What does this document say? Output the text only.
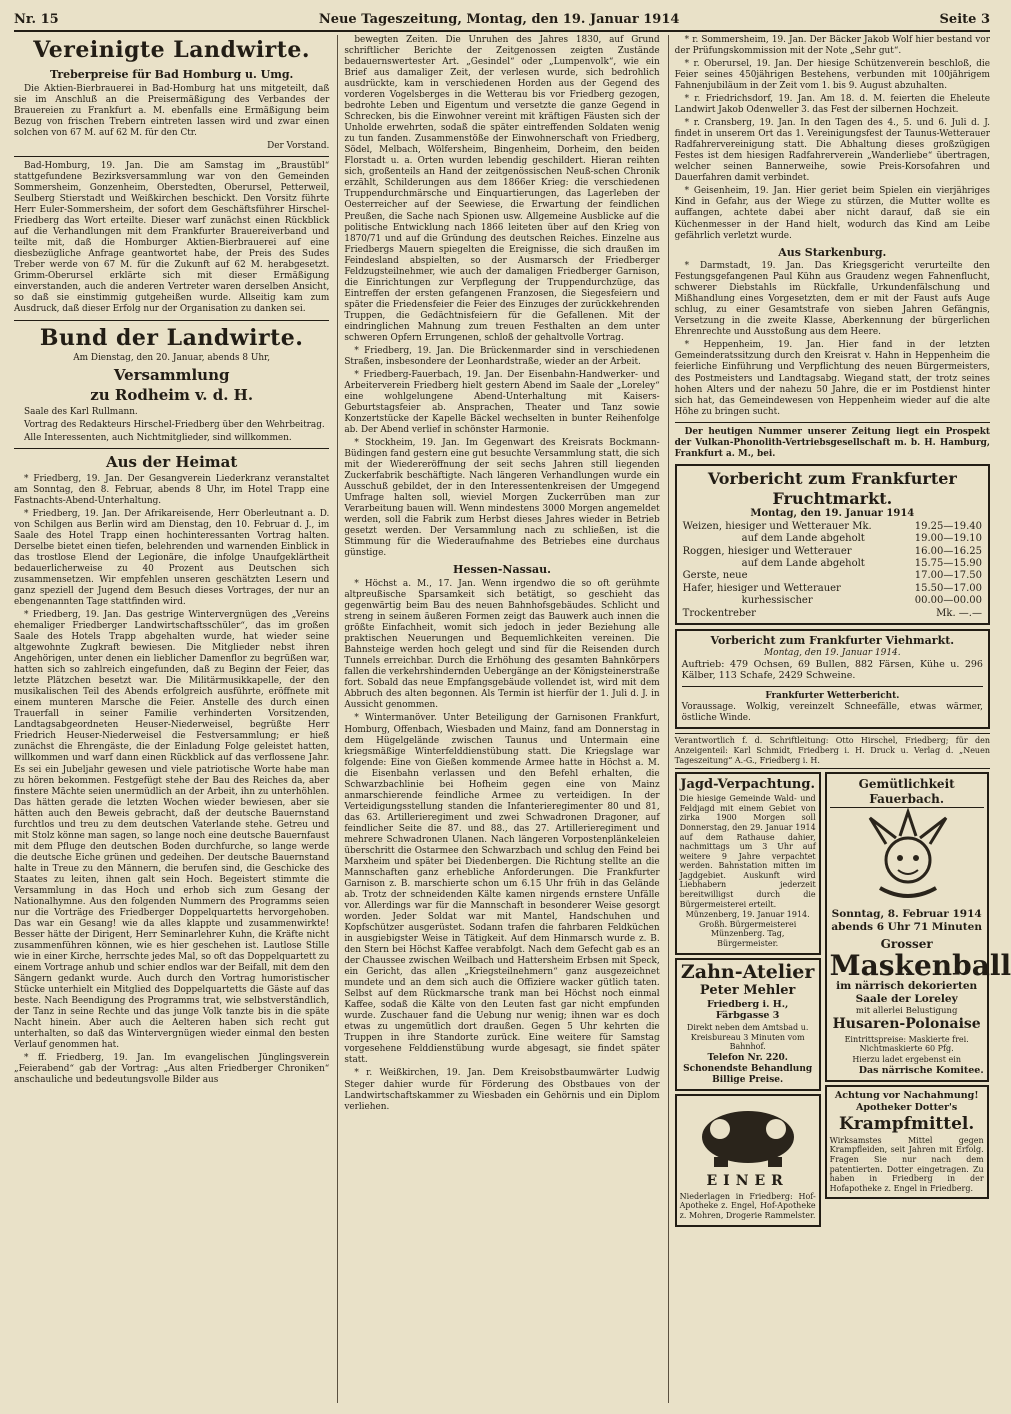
Nr. 15	Neue Tageszeitung, Montag, den 19. Januar 1914	Seite 3
Vereinigte Landwirte.
Treberpreise für Bad Homburg u. Umg.

Die Aktien-Bierbrauerei in Bad-Homburg hat uns mitgeteilt, daß sie im Anschluß an die Preisermäßigung des Verbandes der Brauereien zu Frankfurt a. M. ebenfalls eine Ermäßigung beim Bezug von frischen Trebern eintreten lassen wird und zwar einen solchen von 67 M. auf 62 M. für den Ctr.

Der Vorstand.

Bad-Homburg, 19. Jan. Die am Samstag im „Braustübl“ stattgefundene Bezirksversammlung war von den Gemeinden Sommersheim, Gonzenheim, Oberstedten, Oberursel, Petterweil, Seulberg Stierstadt und Weißkirchen beschickt. Den Vorsitz führte Herr Euler-Sommersheim, der sofort dem Geschäftsführer Hirschel-Friedberg das Wort erteilte. Dieser warf zunächst einen Rückblick auf die Verhandlungen mit dem Frankfurter Brauereiverband und teilte mit, daß die Homburger Aktien-Bierbrauerei auf eine diesbezügliche Anfrage geantwortet habe, der Preis des Sudes Treber werde von 67 M. für die Zukunft auf 62 M. herabgesetzt. Grimm-Oberursel erklärte sich mit dieser Ermäßigung einverstanden, auch die anderen Vertreter waren derselben Ansicht, so daß sie einstimmig gutgeheißen wurde. Allseitig kam zum Ausdruck, daß dieser Erfolg nur der Organisation zu danken sei.

Bund der Landwirte.
Am Dienstag, den 20. Januar, abends 8 Uhr,
Versammlung
zu Rodheim v. d. H.

Saale des Karl Rullmann.

Vortrag des Redakteurs Hirschel-Friedberg über den Wehrbeitrag.

Alle Interessenten, auch Nichtmitglieder, sind willkommen.

Aus der Heimat

* Friedberg, 19. Jan. Der Gesangverein Liederkranz veranstaltet am Sonntag, den 8. Februar, abends 8 Uhr, im Hotel Trapp eine Fastnachts-Abend-Unterhaltung.

* Friedberg, 19. Jan. Der Afrikareisende, Herr Oberleutnant a. D. von Schilgen aus Berlin wird am Dienstag, den 10. Februar d. J., im Saale des Hotel Trapp einen hochinteressanten Vortrag halten. Derselbe bietet einen tiefen, belehrenden und warnenden Einblick in das trostlose Elend der Legionäre, die infolge Unaufgeklärtheit bedauerlicherweise zu 40 Prozent aus Deutschen sich zusammensetzen. Wir empfehlen unseren geschätzten Lesern und ganz speziell der Jugend dem Besuch dieses Vortrages, der nur an ebengenannten Tage stattfinden wird.

* Friedberg, 19. Jan. Das gestrige Wintervergnügen des „Vereins ehemaliger Friedberger Landwirtschaftsschüler“, das im großen Saale des Hotels Trapp abgehalten wurde, hat wieder seine altgewohnte Zugkraft bewiesen. Die Mitglieder nebst ihren Angehörigen, unter denen ein lieblicher Damenflor zu begrüßen war, hatten sich so zahlreich eingefunden, daß zu Beginn der Feier, das letzte Plätzchen besetzt war. Die Militärmusikkapelle, der den musikalischen Teil des Abends erfolgreich ausführte, eröffnete mit einem munteren Marsche die Feier. Anstelle des durch einen Trauerfall in seiner Familie verhinderten Vorsitzenden, Landtagsabgeordneten Heuser-Niederweisel, begrüßte Herr Friedrich Heuser-Niederweisel die Festversammlung; er hieß zunächst die Ehrengäste, die der Einladung Folge geleistet hatten, willkommen und warf dann einen Rückblick auf das verflossene Jahr. Es sei ein Jubeljahr gewesen und viele patriotische Worte habe man zu hören bekommen. Festgefügt stehe der Bau des Reiches da, aber finstere Mächte seien unermüdlich an der Arbeit, ihn zu unterhöhlen. Das hätten gerade die letzten Wochen wieder bewiesen, aber sie hätten auch den Beweis gebracht, daß der deutsche Bauernstand furchtlos und treu zu dem deutschen Vaterlande stehe. Getreu und mit Stolz könne man sagen, so lange noch eine deutsche Bauernfaust mit dem Pfluge den deutschen Boden durchfurche, so lange werde die deutsche Eiche grünen und gedeihen. Der deutsche Bauernstand halte in Treue zu den Männern, die berufen sind, die Geschicke des Staates zu leiten, ihnen galt sein Hoch. Begeistert stimmte die Versammlung in das Hoch und erhob sich zum Gesang der Nationalhymne. Aus den folgenden Nummern des Programms seien nur die Vorträge des Friedberger Doppelquartetts hervorgehoben. Das war ein Gesang! wie da alles klappte und zusammenwirkte! Besser hätte der Dirigent, Herr Seminarlehrer Kuhn, die Kräfte nicht zusammenführen können, wie es hier geschehen ist. Lautlose Stille wie in einer Kirche, herrschte jedes Mal, so oft das Doppelquartett zu einem Vortrage anhub und schier endlos war der Beifall, mit dem den Sängern gedankt wurde. Auch durch den Vortrag humoristischer Stücke unterhielt ein Mitglied des Doppelquartetts die Gäste auf das beste. Nach Beendigung des Programms trat, wie selbstverständlich, der Tanz in seine Rechte und das junge Volk tanzte bis in die späte Nacht hinein. Aber auch die Aelteren haben sich recht gut unterhalten, so daß das Wintervergnügen wieder einmal den besten Verlauf genommen hat.

* ff. Friedberg, 19. Jan. Im evangelischen Jünglingsverein „Feierabend“ gab der Vortrag: „Aus alten Friedberger Chroniken“ anschauliche und bedeutungsvolle Bilder aus

bewegten Zeiten. Die Unruhen des Jahres 1830, auf Grund schriftlicher Berichte der Zeitgenossen zeigten Zustände bedauernswertester Art. „Gesindel“ oder „Lumpenvolk“, wie ein Brief aus damaliger Zeit, der verlesen wurde, sich bedrohlich ausdrückte, kam in verschiedenen Horden aus der Gegend des vorderen Vogelsberges in die Wetterau bis vor Friedberg gezogen, bedrohte Leben und Eigentum und versetzte die ganze Gegend in Schrecken, bis die Einwohner vereint mit kräftigen Fäusten sich der Unholde erwehrten, sodaß die später eintreffenden Soldaten wenig zu tun fanden. Zusammenstöße der Einwohnerschaft von Friedberg, Södel, Melbach, Wölfersheim, Bingenheim, Dorheim, den beiden Florstadt u. a. Orten wurden lebendig geschildert. Hieran reihten sich, großenteils an Hand der zeitgenössischen Neuß-schen Chronik erzählt, Schilderungen aus dem 1866er Krieg: die verschiedenen Truppendurchmärsche und Einquartierungen, das Lagerleben der Oesterreicher auf der Seewiese, die Erwartung der feindlichen Preußen, die Sache nach Spionen usw. Allgemeine Ausblicke auf die politische Entwicklung nach 1866 leiteten über auf den Krieg von 1870/71 und auf die Gründung des deutschen Reiches. Einzelne aus Friedbergs Mauern spiegelten die Ereignisse, die sich draußen im Feindesland abspielten, so der Ausmarsch der Friedberger Feldzugsteilnehmer, wie auch der damaligen Friedberger Garnison, die Einrichtungen zur Verpflegung der Truppendurchzüge, das Eintreffen der ersten gefangenen Franzosen, die Siegesfeiern und später die Friedensfeier die Feier des Einzuges der zurückkehrenden Truppen, die Gedächtnisfeiern für die Gefallenen. Mit der eindringlichen Mahnung zum treuen Festhalten an dem unter schweren Opfern Errungenen, schloß der gehaltvolle Vortrag.

* Friedberg, 19. Jan. Die Brückenmarder sind in verschiedenen Straßen, insbesondere der Leonhardstraße, wieder an der Arbeit.

* Friedberg-Fauerbach, 19. Jan. Der Eisenbahn-Handwerker- und Arbeiterverein Friedberg hielt gestern Abend im Saale der „Loreley“ eine wohlgelungene Abend-Unterhaltung mit Kaisers-Geburtstagsfeier ab. Ansprachen, Theater und Tanz sowie Konzertstücke der Kapelle Bäckel wechselten in bunter Reihenfolge ab. Der Abend verlief in schönster Harmonie.

* Stockheim, 19. Jan. Im Gegenwart des Kreisrats Bockmann-Büdingen fand gestern eine gut besuchte Versammlung statt, die sich mit der Wiedereröffnung der seit sechs Jahren still liegenden Zuckerfabrik beschäftigte. Nach längeren Verhandlungen wurde ein Ausschuß gebildet, der in den Interessentenkreisen der Umgegend Umfrage halten soll, wieviel Morgen Zuckerrüben man zur Verarbeitung bauen will. Wenn mindestens 3000 Morgen angemeldet werden, soll die Fabrik zum Herbst dieses Jahres wieder in Betrieb gesetzt werden. Der Versammlung nach zu schließen, ist die Stimmung für die Wiederaufnahme des Betriebes eine durchaus günstige.

Hessen-Nassau.

* Höchst a. M., 17. Jan. Wenn irgendwo die so oft gerühmte altpreußische Sparsamkeit sich betätigt, so geschieht das gegenwärtig beim Bau des neuen Bahnhofsgebäudes. Schlicht und streng in seinem äußeren Formen zeigt das Bauwerk auch innen die größte Einfachheit, womit sich jedoch in jeder Beziehung alle praktischen Neuerungen und Bequemlichkeiten vereinen. Die Bahnsteige werden hoch gelegt und sind für die Reisenden durch Tunnels erreichbar. Durch die Erhöhung des gesamten Bahnkörpers fallen die verkehrshindernden Uebergänge an der Königsteinerstraße fort. Sobald das neue Empfangsgebäude vollendet ist, wird mit dem Abbruch des alten begonnen. Als Termin ist hierfür der 1. Juli d. J. in Aussicht genommen.

* Wintermanöver. Unter Beteiligung der Garnisonen Frankfurt, Homburg, Offenbach, Wiesbaden und Mainz, fand am Donnerstag in dem Hügelgelände zwischen Taunus und Untermain eine kriegsmäßige Winterfelddienstübung statt. Die Kriegslage war folgende: Eine von Gießen kommende Armee hatte in Höchst a. M. die Eisenbahn verlassen und den Befehl erhalten, die Schwarzbachlinie bei Hofheim gegen eine von Mainz anmarschierende feindliche Armee zu verteidigen. In der Verteidigungsstellung standen die Infanterieregimenter 80 und 81, das 63. Artillerieregiment und zwei Schwadronen Dragoner, auf feindlicher Seite die 87. und 88., das 27. Artillerieregiment und mehrere Schwadronen Ulanen. Nach längeren Vorpostenplänkeleien überschritt die Ostarmee den Schwarzbach und schlug den Feind bei Marxheim und später bei Diedenbergen. Die Richtung stellte an die Mannschaften ganz erhebliche Anforderungen. Die Frankfurter Garnison z. B. marschierte schon um 6.15 Uhr früh in das Gelände ab. Trotz der schneidenden Kälte kamen nirgends ernstere Unfälle vor. Allerdings war für die Mannschaft in besonderer Weise gesorgt worden. Jeder Soldat war mit Mantel, Handschuhen und Kopfschützer ausgerüstet. Sodann trafen die fahrbaren Feldküchen in ausgiebigster Weise in Tätigkeit. Auf dem Hinmarsch wurde z. B. den Stern bei Höchst Kaffee verabfolgt. Nach dem Gefecht gab es an der Chaussee zwischen Weilbach und Hattersheim Erbsen mit Speck, ein Gericht, das allen „Kriegsteilnehmern“ ganz ausgezeichnet mundete und an dem sich auch die Offiziere wacker gütlich taten. Selbst auf dem Rückmarsche trank man bei Höchst noch einmal Kaffee, sodaß die Kälte von den Leuten fast gar nicht empfunden wurde. Zuschauer fand die Uebung nur wenig; ihnen war es doch etwas zu ungemütlich dort draußen. Gegen 5 Uhr kehrten die Truppen in ihre Standorte zurück. Eine weitere für Samstag vorgesehene Felddienstübung wurde abgesagt, sie findet später statt.

* r. Weißkirchen, 19. Jan. Dem Kreisobstbaumwärter Ludwig Steger dahier wurde für Förderung des Obstbaues von der Landwirtschaftskammer zu Wiesbaden ein Gehörnis und ein Diplom verliehen.

* r. Sommersheim, 19. Jan. Der Bäcker Jakob Wolf hier bestand vor der Prüfungskommission mit der Note „Sehr gut“.

* r. Oberursel, 19. Jan. Der hiesige Schützenverein beschloß, die Feier seines 450jährigen Bestehens, verbunden mit 100jährigem Fahnenjubiläum in der Zeit vom 1. bis 9. August abzuhalten.

* r. Friedrichsdorf, 19. Jan. Am 18. d. M. feierten die Eheleute Landwirt Jakob Odenweller 3. das Fest der silbernen Hochzeit.

* r. Cransberg, 19. Jan. In den Tagen des 4., 5. und 6. Juli d. J. findet in unserem Ort das 1. Vereinigungsfest der Taunus-Wetterauer Radfahrervereinigung statt. Die Abhaltung dieses großzügigen Festes ist dem hiesigen Radfahrerverein „Wanderliebe“ übertragen, welcher seinen Bannerweihe, sowie Preis-Korsofahren und Dauerfahren damit verbindet.

* Geisenheim, 19. Jan. Hier geriet beim Spielen ein vierjähriges Kind in Gefahr, aus der Wiege zu stürzen, die Mutter wollte es auffangen, achtete dabei aber nicht darauf, daß sie ein Küchenmesser in der Hand hielt, wodurch das Kind am Leibe gefährlich verletzt wurde.

Aus Starkenburg.

* Darmstadt, 19. Jan. Das Kriegsgericht verurteilte den Festungsgefangenen Paul Kühn aus Graudenz wegen Fahnenflucht, schwerer Diebstahls im Rückfalle, Urkundenfälschung und Mißhandlung eines Vorgesetzten, dem er mit der Faust aufs Auge schlug, zu einer Gesamtstrafe von sieben Jahren Gefängnis, Versetzung in die zweite Klasse, Aberkennung der bürgerlichen Ehrenrechte und Ausstoßung aus dem Heere.

* Heppenheim, 19. Jan. Hier fand in der letzten Gemeinderatssitzung durch den Kreisrat v. Hahn in Heppenheim die feierliche Einführung und Verpflichtung des neuen Bürgermeisters, des Postmeisters und Landtagsabg. Wiegand statt, der trotz seines hohen Alters und der nahezu 50 Jahre, die er im Postdienst hinter sich hat, das Gemeindewesen von Heppenheim wieder auf die alte Höhe zu bringen sucht.

Der heutigen Nummer unserer Zeitung liegt ein Prospekt der Vulkan-Phonolith-Vertriebsgesellschaft m. b. H. Hamburg, Frankfurt a. M., bei.

Vorbericht zum Frankfurter Fruchtmarkt.
Montag, den 19. Januar 1914
Weizen, hiesiger und Wetterauer Mk.	19.25—19.40
auf dem Lande abgeholt	19.00—19.10
Roggen, hiesiger und Wetterauer	16.00—16.25
auf dem Lande abgeholt	15.75—15.90
Gerste, neue	17.00—17.50
Hafer, hiesiger und Wetterauer	15.50—17.00
kurhessischer	00.00—00.00
Trockentreber	Mk. —.—
Vorbericht zum Frankfurter Viehmarkt.
Montag, den 19. Januar 1914.
Auftrieb: 479 Ochsen, 69 Bullen, 882 Färsen, Kühe u. 296 Kälber, 113 Schafe, 2429 Schweine.
Frankfurter Wetterbericht.
Voraussage. Wolkig, vereinzelt Schneefälle, etwas wärmer, östliche Winde.
Verantwortlich f. d. Schriftleitung: Otto Hirschel, Friedberg; für den Anzeigenteil: Karl Schmidt, Friedberg i. H. Druck u. Verlag d. „Neuen Tageszeitung“ A.-G., Friedberg i. H.
Jagd-Verpachtung.

Die hiesige Gemeinde Wald- und Feldjagd mit einem Gebiet von zirka 1900 Morgen soll Donnerstag, den 29. Januar 1914 auf dem Rathause dahier, nachmittags um 3 Uhr auf weitere 9 Jahre verpachtet werden. Bahnstation mitten im Jagdgebiet. Auskunft wird Liebhabern jederzeit bereitwilligst durch die Bürgermeisterei erteilt.

Münzenberg, 19. Januar 1914. Großh. Bürgermeisterei Münzenberg. Tag, Bürgermeister.

Zahn-Atelier
Peter Mehler
Friedberg i. H., Färbgasse 3

Direkt neben dem Amtsbad u. Kreisbureau 3 Minuten vom Bahnhof.

Telefon Nr. 220.
Schonendste Behandlung Billige Preise.
EINER

Niederlagen in Friedberg: Hof-Apotheke z. Engel, Hof-Apotheke z. Mohren, Drogerie Rammelster.

Gemütlichkeit Fauerbach.
Sonntag, 8. Februar 1914 abends 6 Uhr 71 Minuten
Grosser
Maskenball
im närrisch dekorierten Saale der Loreley
mit allerlei Belustigung
Husaren-Polonaise

Eintrittspreise: Maskierte frei. Nichtmaskierte 60 Pfg.

Hierzu ladet ergebenst ein

Das närrische Komitee.
Achtung vor Nachahmung! Apotheker Dotter's
Krampfmittel.

Wirksamstes Mittel gegen Krampfleiden, seit Jahren mit Erfolg. Fragen Sie nur nach dem patentierten. Dotter eingetragen. Zu haben in Friedberg in der Hofapotheke z. Engel in Friedberg.
